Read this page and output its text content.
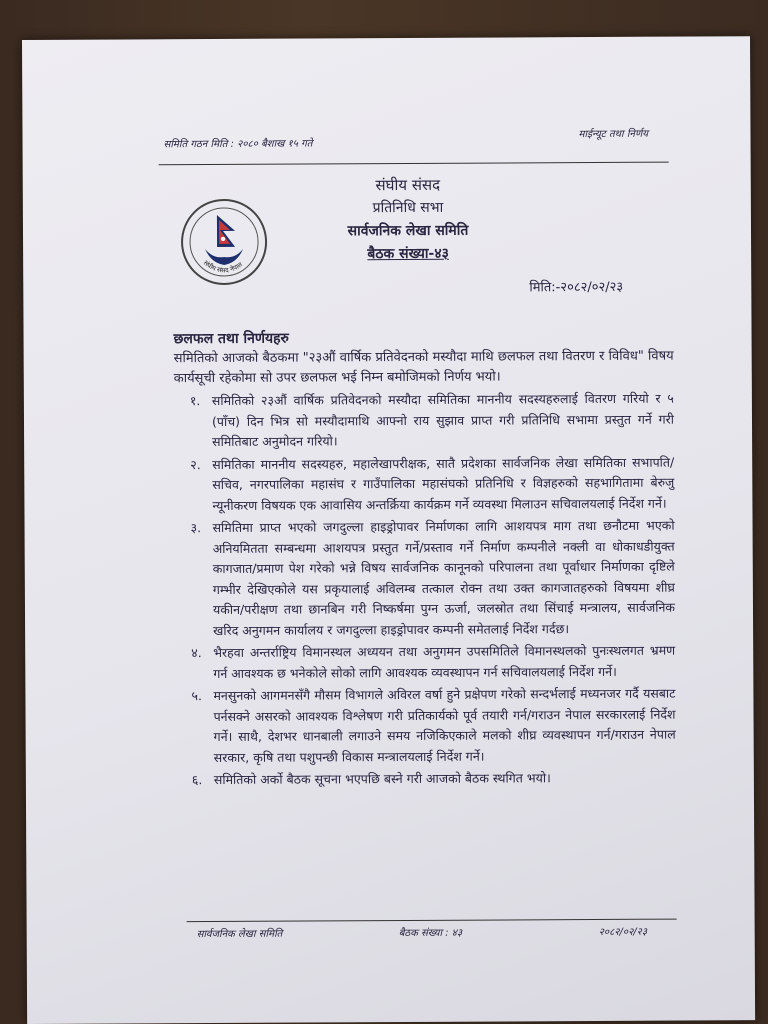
समिति गठन मिति : २०८० बैशाख १५ गते
माईन्यूट तथा निर्णय
संघीय संसद नेपाल
संघीय संसद
प्रतिनिधि सभा
सार्वजनिक लेखा समिति
बैठक संख्या-४३
मिति:-२०८२/०२/२३
छलफल तथा निर्णयहरु
समितिको आजको बैठकमा "२३औं वार्षिक प्रतिवेदनको मस्यौदा माथि छलफल तथा वितरण र विविध" विषय कार्यसूची रहेकोमा सो उपर छलफल भई निम्न बमोजिमको निर्णय भयो।
१. समितिको २३औं वार्षिक प्रतिवेदनको मस्यौदा समितिका माननीय सदस्यहरुलाई वितरण गरियो र ५ (पाँच) दिन भित्र सो मस्यौदामाथि आफ्नो राय सुझाव प्राप्त गरी प्रतिनिधि सभामा प्रस्तुत गर्ने गरी समितिबाट अनुमोदन गरियो।
२. समितिका माननीय सदस्यहरु, महालेखापरीक्षक, सातै प्रदेशका सार्वजनिक लेखा समितिका सभापति/सचिव, नगरपालिका महासंघ र गाउँपालिका महासंघको प्रतिनिधि र विज्ञहरुको सहभागितामा बेरुजु न्यूनीकरण विषयक एक आवासिय अन्तर्क्रिया कार्यक्रम गर्ने व्यवस्था मिलाउन सचिवालयलाई निर्देश गर्ने।
३. समितिमा प्राप्त भएको जगदुल्ला हाइड्रोपावर निर्माणका लागि आशयपत्र माग तथा छनौटमा भएको अनियमितता सम्बन्धमा आशयपत्र प्रस्तुत गर्ने/प्रस्ताव गर्ने निर्माण कम्पनीले नक्ली वा धोकाधडीयुक्त कागजात/प्रमाण पेश गरेको भन्ने विषय सार्वजनिक कानूनको परिपालना तथा पूर्वाधार निर्माणका दृष्टिले गम्भीर देखिएकोले यस प्रकृयालाई अविलम्ब तत्काल रोक्न तथा उक्त कागजातहरुको विषयमा शीघ्र यकीन/परीक्षण तथा छानबिन गरी निष्कर्षमा पुग्न ऊर्जा, जलस्रोत तथा सिंचाई मन्त्रालय, सार्वजनिक खरिद अनुगमन कार्यालय र जगदुल्ला हाइड्रोपावर कम्पनी समेतलाई निर्देश गर्दछ।
४. भैरहवा अन्तर्राष्ट्रिय विमानस्थल अध्ययन तथा अनुगमन उपसमितिले विमानस्थलको पुनःस्थलगत भ्रमण गर्न आवश्यक छ भनेकोले सोको लागि आवश्यक व्यवस्थापन गर्न सचिवालयलाई निर्देश गर्ने।
५. मनसुनको आगमनसँगै मौसम विभागले अविरल वर्षा हुने प्रक्षेपण गरेको सन्दर्भलाई मध्यनजर गर्दै यसबाट पर्नसक्ने असरको आवश्यक विश्लेषण गरी प्रतिकार्यको पूर्व तयारी गर्न/गराउन नेपाल सरकारलाई निर्देश गर्ने। साथै, देशभर धानबाली लगाउने समय नजिकिएकाले मलको शीघ्र व्यवस्थापन गर्न/गराउन नेपाल सरकार, कृषि तथा पशुपन्छी विकास मन्त्रालयलाई निर्देश गर्ने।
६. समितिको अर्को बैठक सूचना भएपछि बस्ने गरी आजको बैठक स्थगित भयो।
सार्वजनिक लेखा समिति	बैठक संख्या : ४३	२०८२/०२/२३
